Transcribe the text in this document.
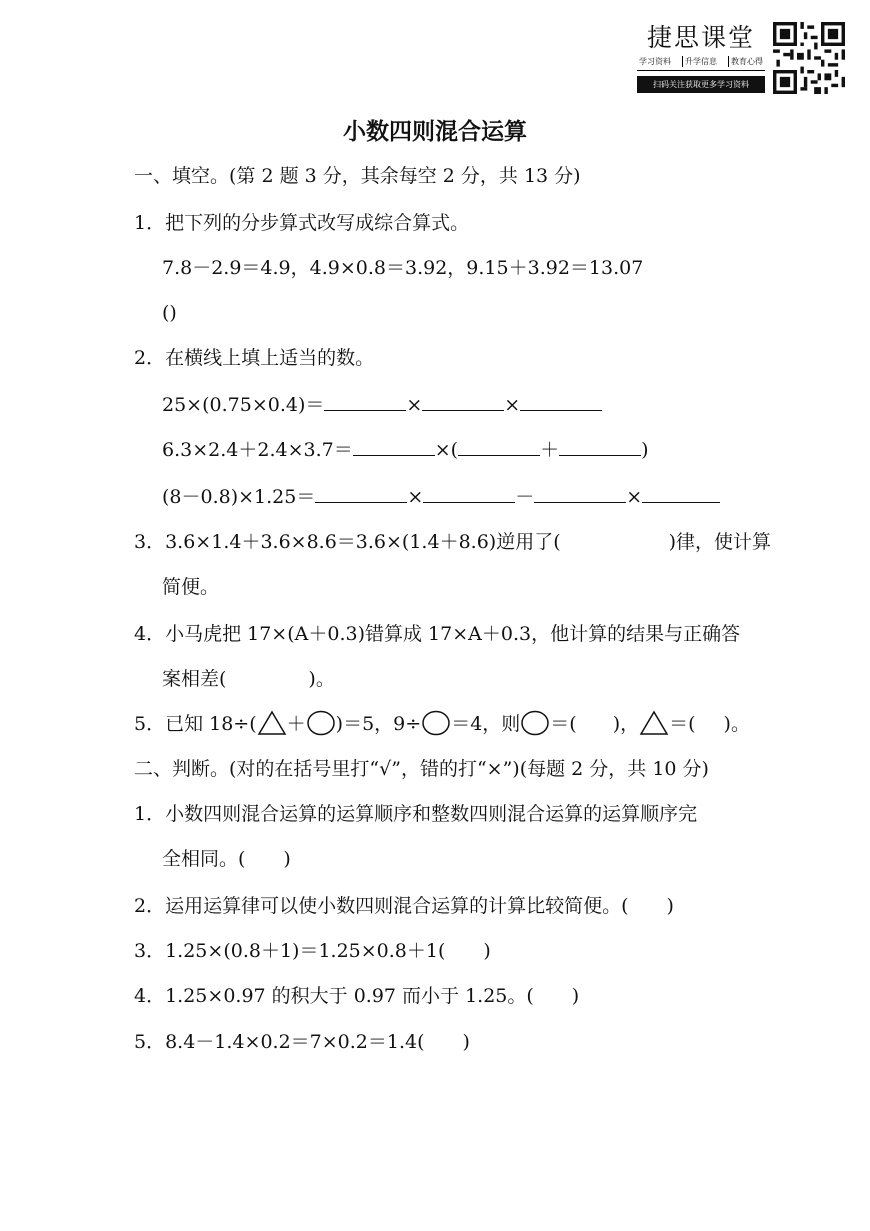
捷思课堂
学习资料	升学信息	教育心得
扫码关注获取更多学习资料
小数四则混合运算
一、填空。(第 2 题 3 分，其余每空 2 分，共 13 分)
1．把下列的分步算式改写成综合算式。
7.8－2.9＝4.9，4.9×0.8＝3.92，9.15＋3.92＝13.07
()
2．在横线上填上适当的数。
25×(0.75×0.4)＝	×	×
6.3×2.4＋2.4×3.7＝	×(	＋	)
(8－0.8)×1.25＝	×	－	×
3．3.6×1.4＋3.6×8.6＝3.6×(1.4＋8.6)逆用了(	)律，使计算
简便。
4．小马虎把 17×(A＋0.3)错算成 17×A＋0.3，他计算的结果与正确答
案相差(	)。
5．已知 18÷( ＋ )＝5，9÷ ＝4，则 ＝( )， ＝( )。
二、判断。(对的在括号里打“√”，错的打“×”)(每题 2 分，共 10 分)
1．小数四则混合运算的运算顺序和整数四则混合运算的运算顺序完
全相同。(　　)
2．运用运算律可以使小数四则混合运算的计算比较简便。(　　)
3．1.25×(0.8＋1)＝1.25×0.8＋1(　　)
4．1.25×0.97 的积大于 0.97 而小于 1.25。(　　)
5．8.4－1.4×0.2＝7×0.2＝1.4(　　)
